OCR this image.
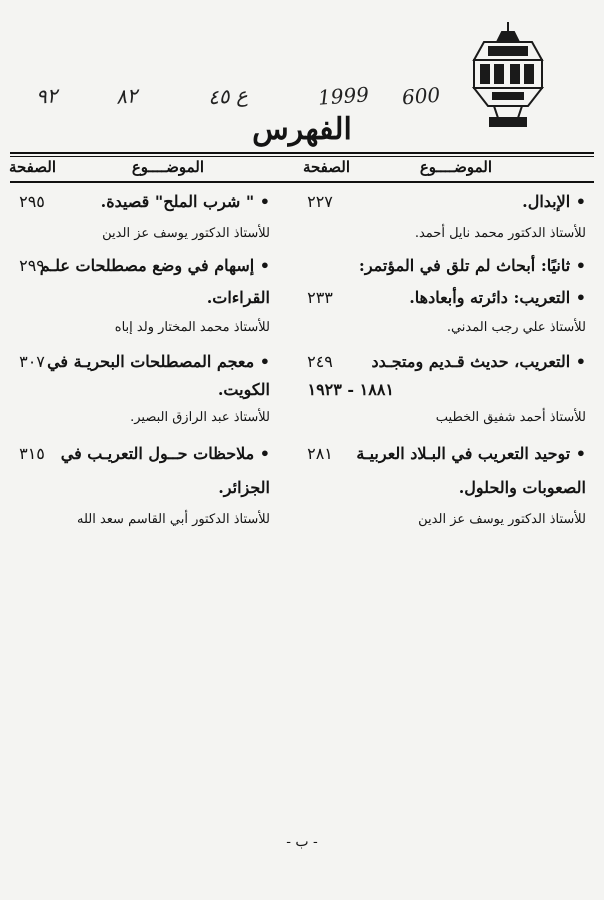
600
1999
ع ٤٥
٨٢
٩٢
الفهرس
الموضــــوع
الصفحة
الموضــــوع
الصفحة
• الإبدال.
٢٢٧
للأستاذ الدكتور محمد نايل أحمد.
• ثانيًا: أبحاث لم تلق في المؤتمر:
• التعريب: دائرته وأبعادها.
٢٣٣
للأستاذ علي رجب المدني.
• التعريب، حديث قـديم ومتجـدد
٢٤٩
١٨٨١ - ١٩٢٣
للأستاذ أحمد شفيق الخطيب
• توحيد التعريب في البـلاد العربيـة
٢٨١
الصعوبات والحلول.
للأستاذ الدكتور يوسف عز الدين
• " شرب الملح" قصيدة.
٢٩٥
للأستاذ الدكتور يوسف عز الدين
• إسهام في وضع مصطلحات علـم
٢٩٩
القراءات.
للأستاذ محمد المختار ولد إباه
• معجم المصطلحات البحريـة في
٣٠٧
الكويت.
للأستاذ عبد الرازق البصير.
• ملاحظات حــول التعريـب في
٣١٥
الجزائر.
للأستاذ الدكتور أبي القاسم سعد الله
- ب -
